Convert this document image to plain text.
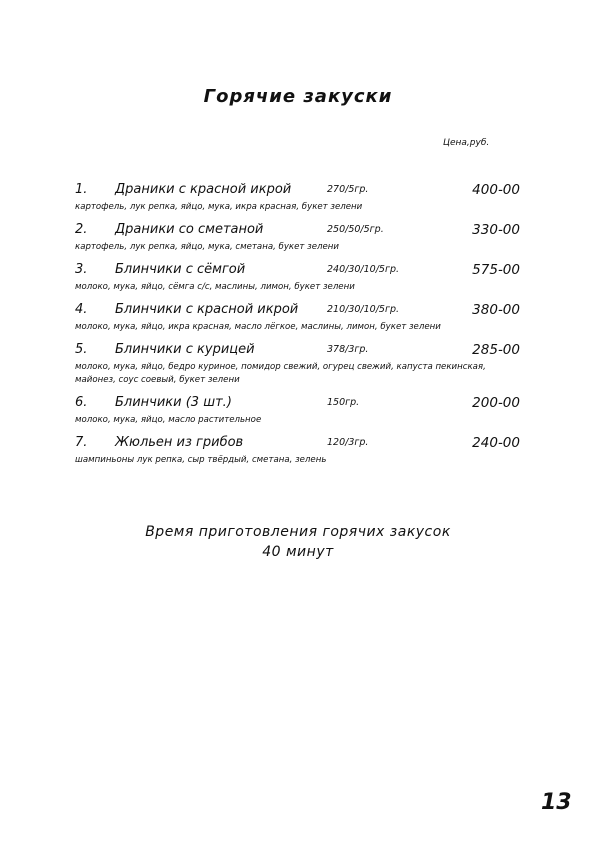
Горячие закуски
Цена,руб.
1. Драники с красной икрой	270/5гр.	400-00
картофель, лук репка, яйцо, мука, икра красная, букет зелени
2. Драники со сметаной	250/50/5гр.	330-00
картофель, лук репка, яйцо, мука, сметана, букет зелени
3. Блинчики с сёмгой	240/30/10/5гр.	575-00
молоко, мука, яйцо, сёмга с/с, маслины, лимон, букет зелени
4. Блинчики с красной икрой	210/30/10/5гр.	380-00
молоко, мука, яйцо, икра красная, масло лёгкое, маслины, лимон, букет зелени
5. Блинчики с курицей	378/3гр.	285-00
молоко, мука, яйцо, бедро куриное, помидор свежий, огурец свежий, капуста пекинская, майонез, соус соевый, букет зелени
6. Блинчики (3 шт.)	150гр.	200-00
молоко, мука, яйцо, масло растительное
7. Жюльен из грибов	120/3гр.	240-00
шампиньоны лук репка, сыр твёрдый, сметана, зелень
Время приготовления горячих закусок
40 минут
13
